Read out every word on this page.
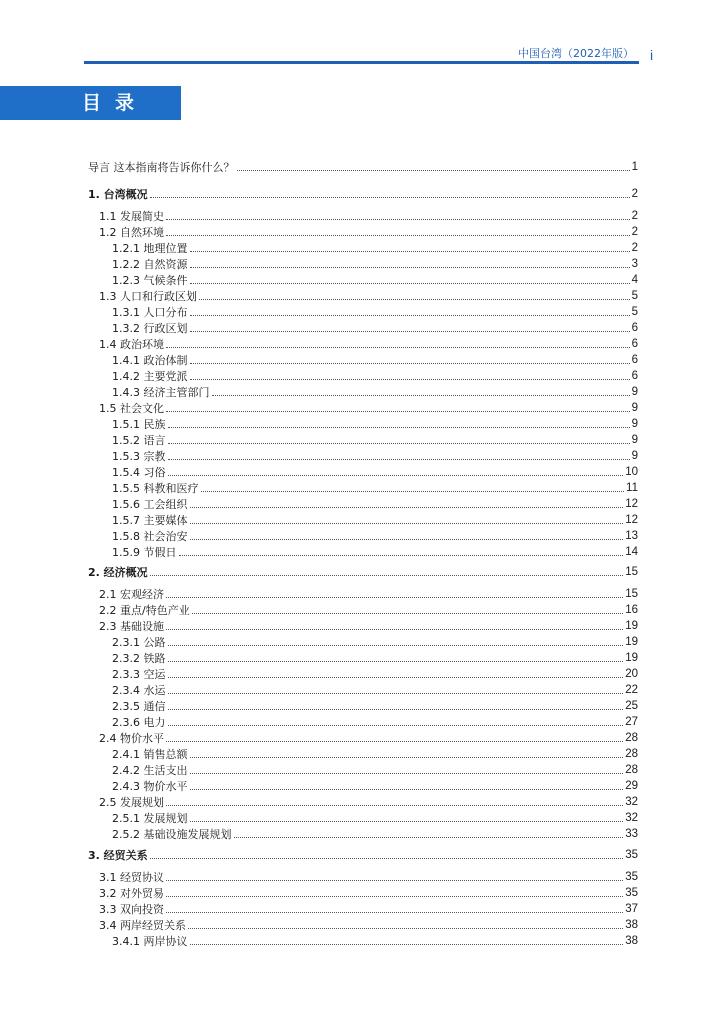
中国台湾（2022年版） i
目录
导言 这本指南将告诉你什么？	1
1. 台湾概况	2
1.1 发展简史	2
1.2 自然环境	2
1.2.1 地理位置	2
1.2.2 自然资源	3
1.2.3 气候条件	4
1.3 人口和行政区划	5
1.3.1 人口分布	5
1.3.2 行政区划	6
1.4 政治环境	6
1.4.1 政治体制	6
1.4.2 主要党派	6
1.4.3 经济主管部门	9
1.5 社会文化	9
1.5.1 民族	9
1.5.2 语言	9
1.5.3 宗教	9
1.5.4 习俗	10
1.5.5 科教和医疗	11
1.5.6 工会组织	12
1.5.7 主要媒体	12
1.5.8 社会治安	13
1.5.9 节假日	14
2. 经济概况	15
2.1 宏观经济	15
2.2 重点/特色产业	16
2.3 基础设施	19
2.3.1 公路	19
2.3.2 铁路	19
2.3.3 空运	20
2.3.4 水运	22
2.3.5 通信	25
2.3.6 电力	27
2.4 物价水平	28
2.4.1 销售总额	28
2.4.2 生活支出	28
2.4.3 物价水平	29
2.5 发展规划	32
2.5.1 发展规划	32
2.5.2 基础设施发展规划	33
3. 经贸关系	35
3.1 经贸协议	35
3.2 对外贸易	35
3.3 双向投资	37
3.4 两岸经贸关系	38
3.4.1 两岸协议	38
